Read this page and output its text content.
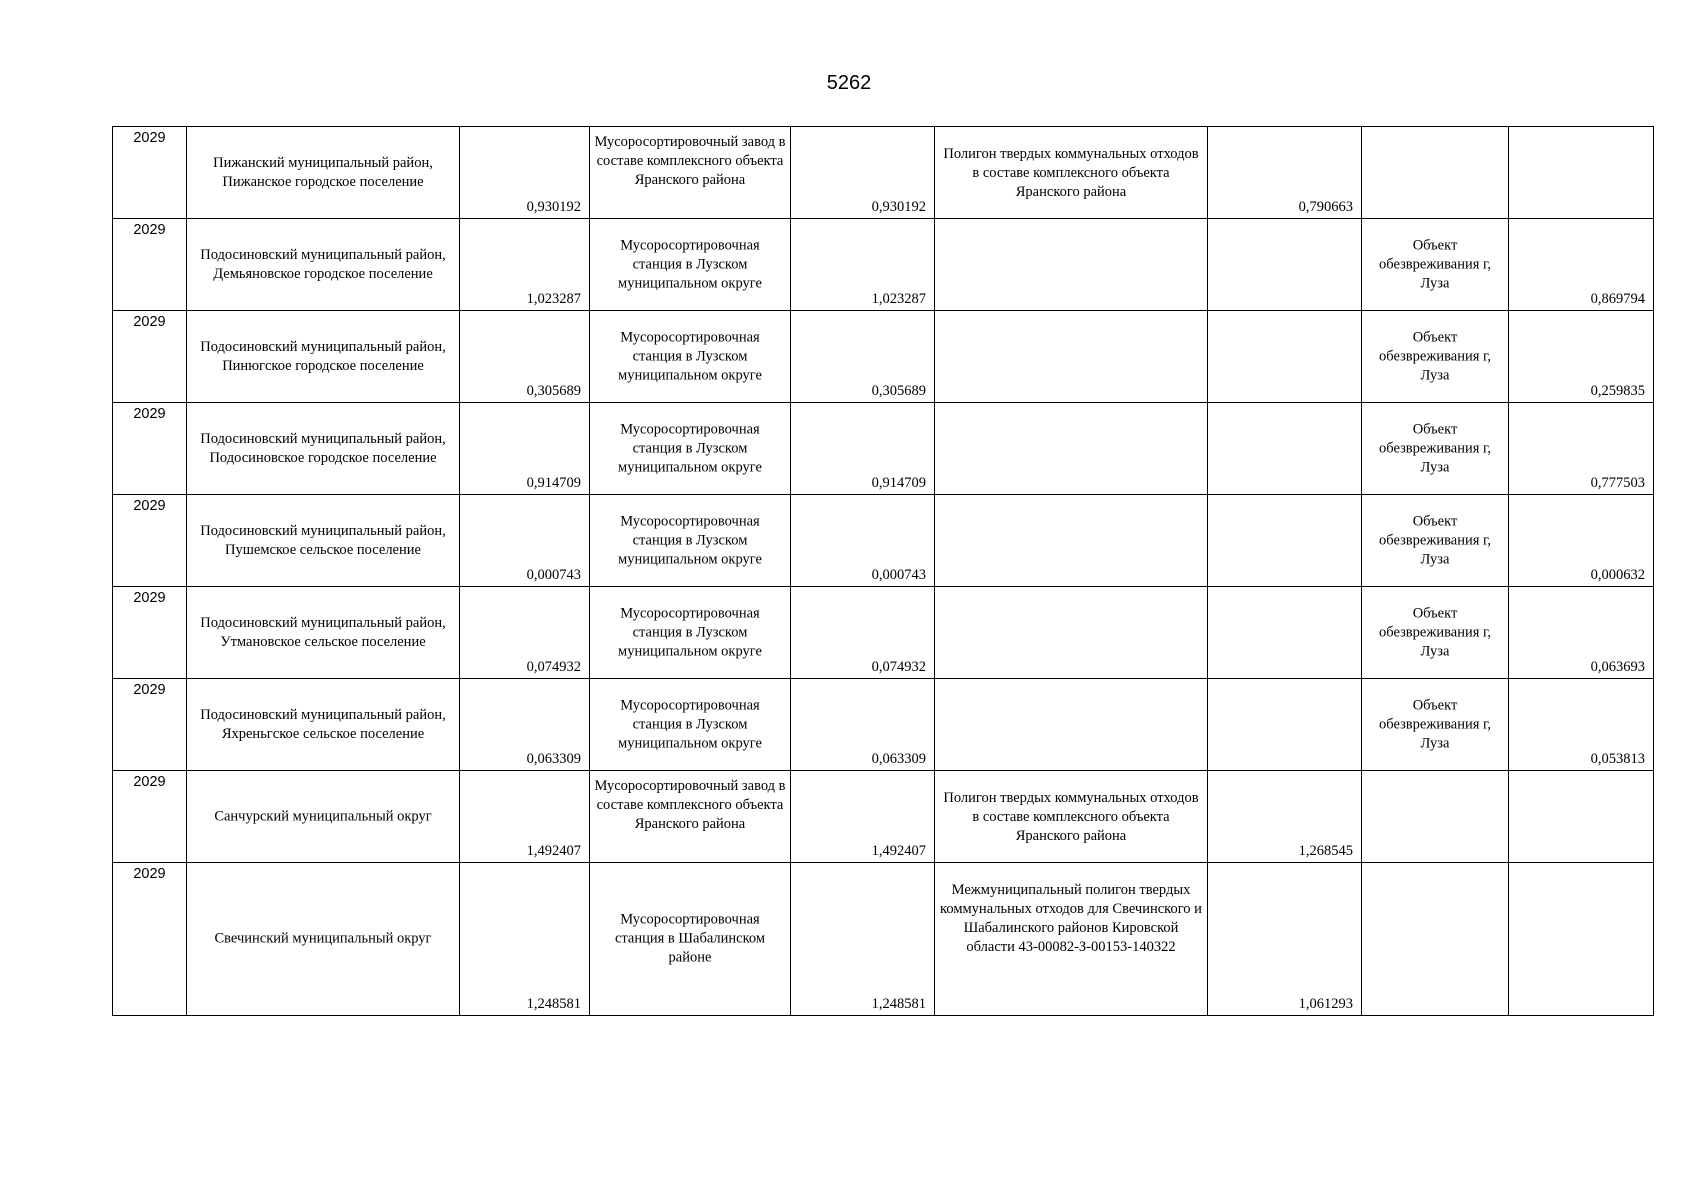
5262
2029	Пижанский муниципальный район, Пижанское городское поселение	0,930192	Мусоросортировочный завод в составе комплексного объекта Яранского района	0,930192	Полигон твердых коммунальных отходов в составе комплексного объекта Яранского района	0,790663		

2029	Подосиновский муниципальный район, Демьяновское городское поселение	1,023287	Мусоросортировочная станция в Лузском муниципальном округе	1,023287			Объект обезвреживания г, Луза	0,869794

2029	Подосиновский муниципальный район, Пинюгское городское поселение	0,305689	Мусоросортировочная станция в Лузском муниципальном округе	0,305689			Объект обезвреживания г, Луза	0,259835

2029	Подосиновский муниципальный район, Подосиновское городское поселение	0,914709	Мусоросортировочная станция в Лузском муниципальном округе	0,914709			Объект обезвреживания г, Луза	0,777503

2029	Подосиновский муниципальный район, Пушемское сельское поселение	0,000743	Мусоросортировочная станция в Лузском муниципальном округе	0,000743			Объект обезвреживания г, Луза	0,000632

2029	Подосиновский муниципальный район, Утмановское сельское поселение	0,074932	Мусоросортировочная станция в Лузском муниципальном округе	0,074932			Объект обезвреживания г, Луза	0,063693

2029	Подосиновский муниципальный район, Яхреньгское сельское поселение	0,063309	Мусоросортировочная станция в Лузском муниципальном округе	0,063309			Объект обезвреживания г, Луза	0,053813

2029	Санчурский муниципальный округ	1,492407	Мусоросортировочный завод в составе комплексного объекта Яранского района	1,492407	Полигон твердых коммунальных отходов в составе комплексного объекта Яранского района	1,268545		

2029	Свечинский муниципальный округ	1,248581	Мусоросортировочная станция в Шабалинском районе	1,248581	Межмуниципальный полигон твердых коммунальных отходов для Свечинского и Шабалинского районов Кировской области 43-00082-З-00153-140322	1,061293		
